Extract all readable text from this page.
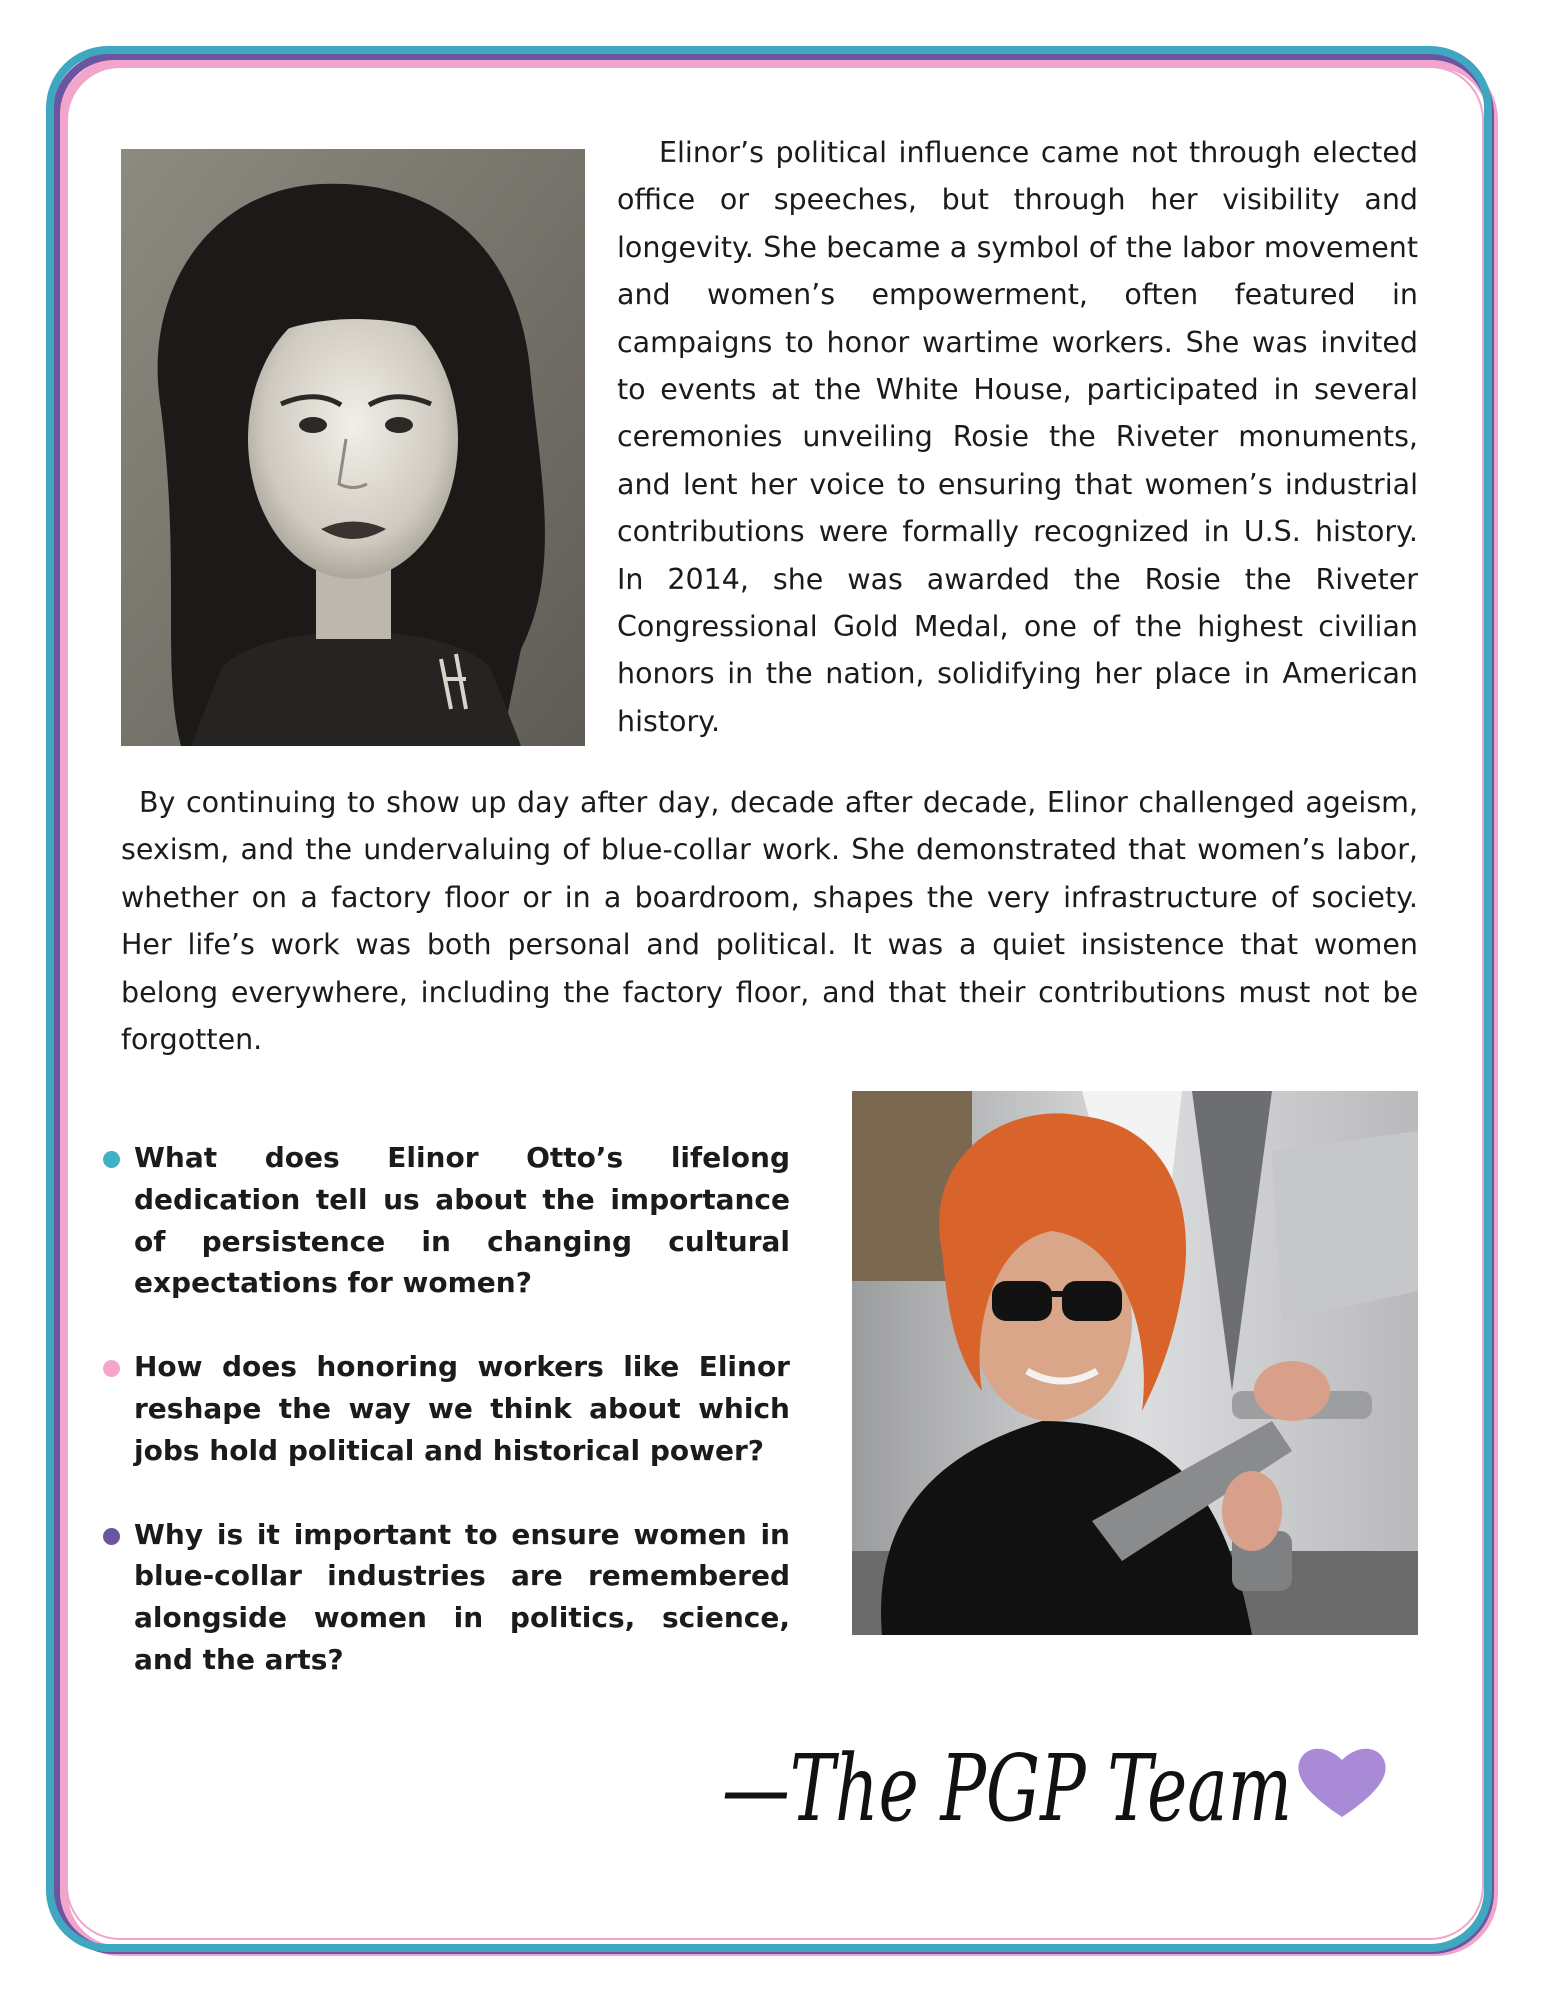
Elinor’s political influence came not through elected office or speeches, but through her visibility and longevity. She became a symbol of the labor movement and women’s empowerment, often featured in campaigns to honor wartime workers. She was invited to events at the White House, participated in several ceremonies unveiling Rosie the Riveter monuments, and lent her voice to ensuring that women’s industrial contributions were formally recognized in U.S. history. In 2014, she was awarded the Rosie the Riveter Congressional Gold Medal, one of the highest civilian honors in the nation, solidifying her place in American history.

By continuing to show up day after day, decade after decade, Elinor challenged ageism, sexism, and the undervaluing of blue-collar work. She demonstrated that women’s labor, whether on a factory floor or in a boardroom, shapes the very infrastructure of society. Her life’s work was both personal and political. It was a quiet insistence that women belong everywhere, including the factory floor, and that their contributions must not be forgotten.

What does Elinor Otto’s lifelong dedication tell us about the importance of persistence in changing cultural expectations for women?
How does honoring workers like Elinor reshape the way we think about which jobs hold political and historical power?
Why is it important to ensure women in blue-collar industries are remembered alongside women in politics, science, and the arts?
—The PGP Team
